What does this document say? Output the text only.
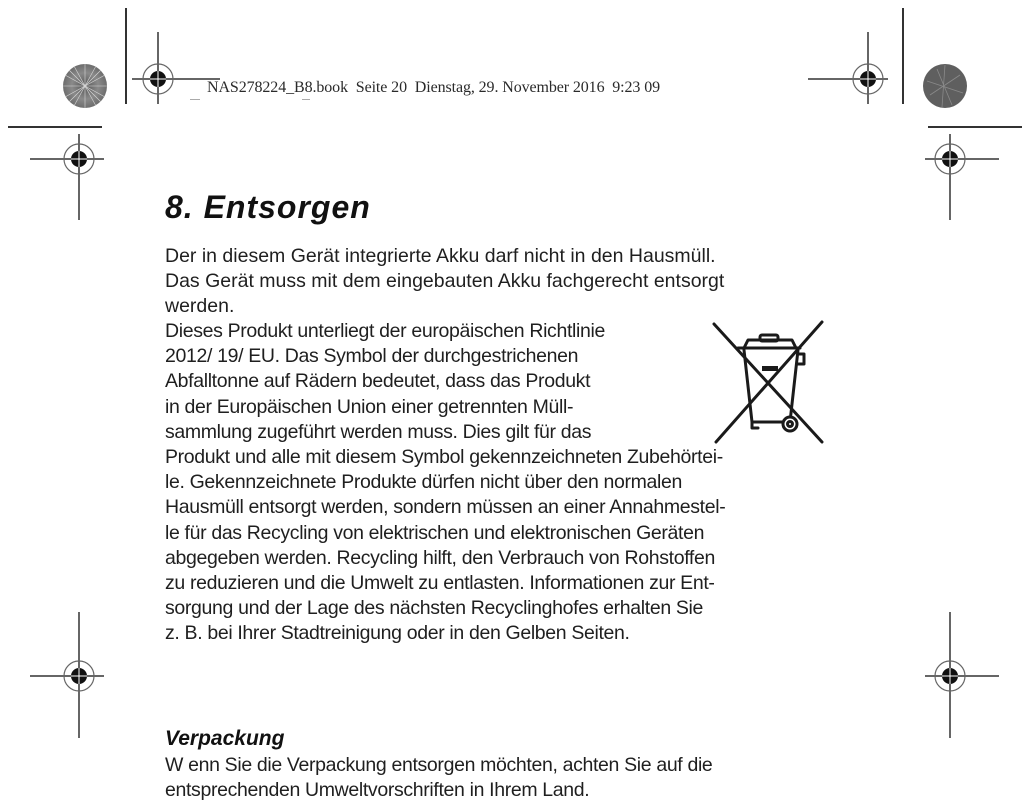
NAS278224_B8.book  Seite 20  Dienstag, 29. November 2016  9:23 09
8. Entsorgen
Der in diesem Gerät integrierte Akku darf nicht in den Hausmüll.
Das Gerät muss mit dem eingebauten Akku fachgerecht entsorgt
werden.
Dieses Produkt unterliegt der europäischen Richtlinie
2012/ 19/ EU. Das Symbol der durchgestrichenen
Abfalltonne auf Rädern bedeutet, dass das Produkt
in der Europäischen Union einer getrennten Müll-
sammlung zugeführt werden muss. Dies gilt für das
Produkt und alle mit diesem Symbol gekennzeichneten Zubehörtei-
le. Gekennzeichnete Produkte dürfen nicht über den normalen
Hausmüll entsorgt werden, sondern müssen an einer Annahmestel-
le für das Recycling von elektrischen und elektronischen Geräten
abgegeben werden. Recycling hilft, den Verbrauch von Rohstoffen
zu reduzieren und die Umwelt zu entlasten. Informationen zur Ent-
sorgung und der Lage des nächsten Recyclinghofes erhalten Sie
z. B. bei Ihrer Stadtreinigung oder in den Gelben Seiten.
Verpackung
W enn Sie die Verpackung entsorgen möchten, achten Sie auf die
entsprechenden Umweltvorschriften in Ihrem Land.
